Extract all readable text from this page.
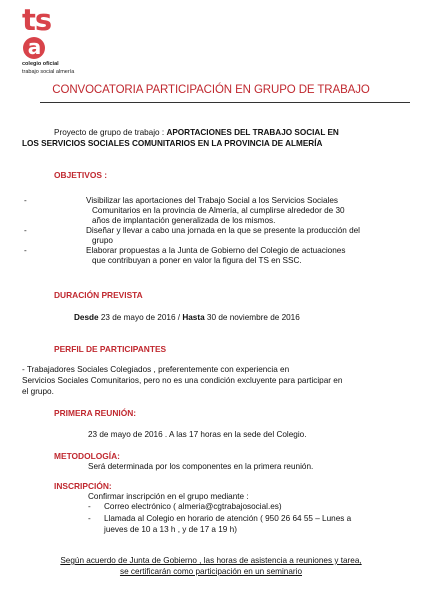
tsa
colegio oficial
trabajo social almería
CONVOCATORIA PARTICIPACIÓN EN GRUPO DE TRABAJO
Proyecto de grupo de trabajo : APORTACIONES DEL TRABAJO SOCIAL EN
LOS SERVICIOS SOCIALES COMUNITARIOS EN LA PROVINCIA DE ALMERÍA
OBJETIVOS :
-	Visibilizar las aportaciones del Trabajo Social a los Servicios Sociales
Comunitarios en la provincia de Almería, al cumplirse alrededor de 30
años de implantación generalizada de los mismos.
-	Diseñar y llevar a cabo una jornada en la que se presente la producción del
grupo
-	Elaborar propuestas a la Junta de Gobierno del Colegio de actuaciones
que contribuyan a poner en valor la figura del TS en SSC.
DURACIÓN PREVISTA
Desde 23 de mayo de 2016 / Hasta 30 de noviembre de 2016
PERFIL DE PARTICIPANTES
- Trabajadores Sociales Colegiados , preferentemente con experiencia en
Servicios Sociales Comunitarios, pero no es una condición excluyente para participar en
el grupo.
PRIMERA REUNIÓN:
23 de mayo de 2016 . A las 17 horas en la sede del Colegio.
METODOLOGÍA:
Será determinada por los componentes en la primera reunión.
INSCRIPCIÓN:
Confirmar inscripción en el grupo mediante :
- Correo electrónico ( almeria@cgtrabajosocial.es)
- Llamada al Colegio en horario de atención ( 950 26 64 55 – Lunes a
jueves de 10 a 13 h , y de 17 a 19 h)
Según acuerdo de Junta de Gobierno , las horas de asistencia a reuniones y tarea,
se certificarán como participación en un seminario
